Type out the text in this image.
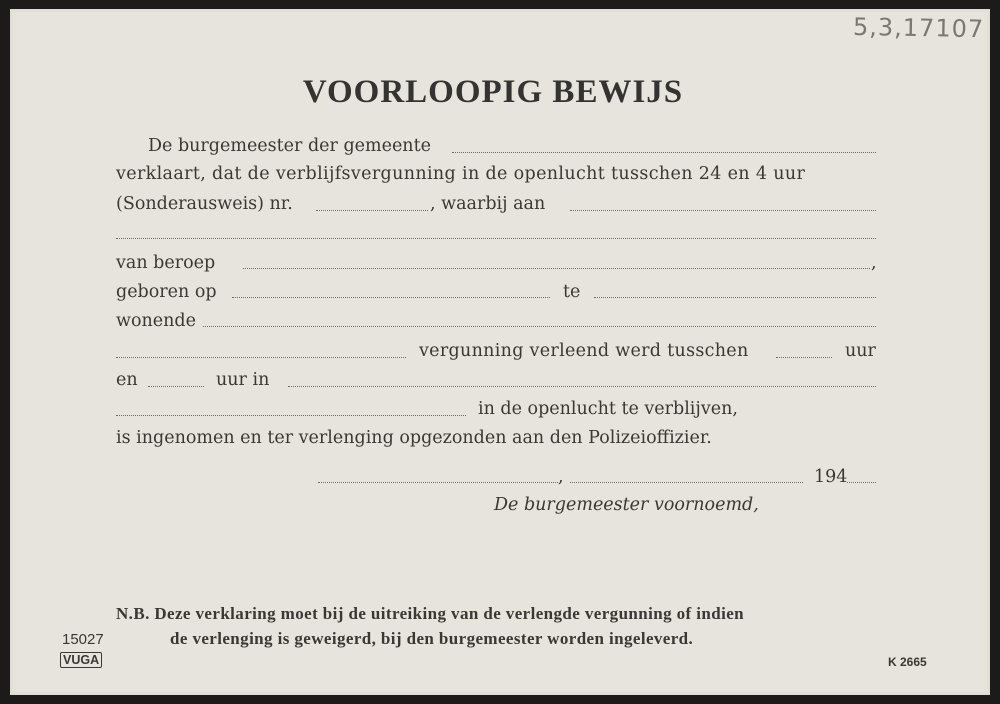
5,3,17107
VOORLOOPIG BEWIJS
De burgemeester der gemeente
verklaart, dat de verblijfsvergunning in de openlucht tusschen 24 en 4 uur
(Sonderausweis) nr.	, waarbij aan
van beroep	,
geboren op	te
wonende
vergunning verleend werd tusschen	uur
en	uur in
in de openlucht te verblijven,
is ingenomen en ter verlenging opgezonden aan den Polizeioffizier.
,	194
De burgemeester voornoemd,
N.B. Deze verklaring moet bij de uitreiking van de verlengde vergunning of indien
de verlenging is geweigerd, bij den burgemeester worden ingeleverd.
15027
VUGA	K 2665
